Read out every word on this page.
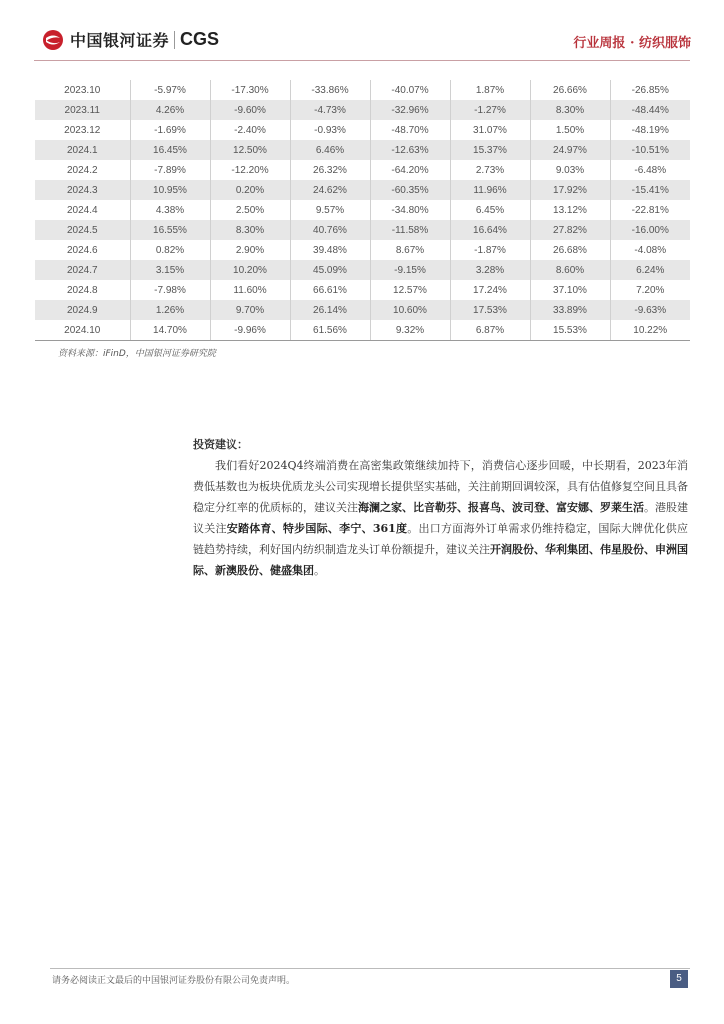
中国银河证券 CGS	行业周报 · 纺织服饰
2023.10	-5.97%	-17.30%	-33.86%	-40.07%	1.87%	26.66%	-26.85%
2023.11	4.26%	-9.60%	-4.73%	-32.96%	-1.27%	8.30%	-48.44%
2023.12	-1.69%	-2.40%	-0.93%	-48.70%	31.07%	1.50%	-48.19%
2024.1	16.45%	12.50%	6.46%	-12.63%	15.37%	24.97%	-10.51%
2024.2	-7.89%	-12.20%	26.32%	-64.20%	2.73%	9.03%	-6.48%
2024.3	10.95%	0.20%	24.62%	-60.35%	11.96%	17.92%	-15.41%
2024.4	4.38%	2.50%	9.57%	-34.80%	6.45%	13.12%	-22.81%
2024.5	16.55%	8.30%	40.76%	-11.58%	16.64%	27.82%	-16.00%
2024.6	0.82%	2.90%	39.48%	8.67%	-1.87%	26.68%	-4.08%
2024.7	3.15%	10.20%	45.09%	-9.15%	3.28%	8.60%	6.24%
2024.8	-7.98%	11.60%	66.61%	12.57%	17.24%	37.10%	7.20%
2024.9	1.26%	9.70%	26.14%	10.60%	17.53%	33.89%	-9.63%
2024.10	14.70%	-9.96%	61.56%	9.32%	6.87%	15.53%	10.22%
资料来源：iFinD，中国银河证券研究院
投资建议：
我们看好2024Q4终端消费在高密集政策继续加持下，消费信心逐步回暖，中长期看，2023年消费低基数也为板块优质龙头公司实现增长提供坚实基础，关注前期回调较深，具有估值修复空间且具备稳定分红率的优质标的，建议关注海澜之家、比音勒芬、报喜鸟、波司登、富安娜、罗莱生活。港股建议关注安踏体育、特步国际、李宁、361度。出口方面海外订单需求仍维持稳定，国际大牌优化供应链趋势持续，利好国内纺织制造龙头订单份额提升，建议关注开润股份、华利集团、伟星股份、申洲国际、新澳股份、健盛集团。
请务必阅读正文最后的中国银河证券股份有限公司免责声明。	5
